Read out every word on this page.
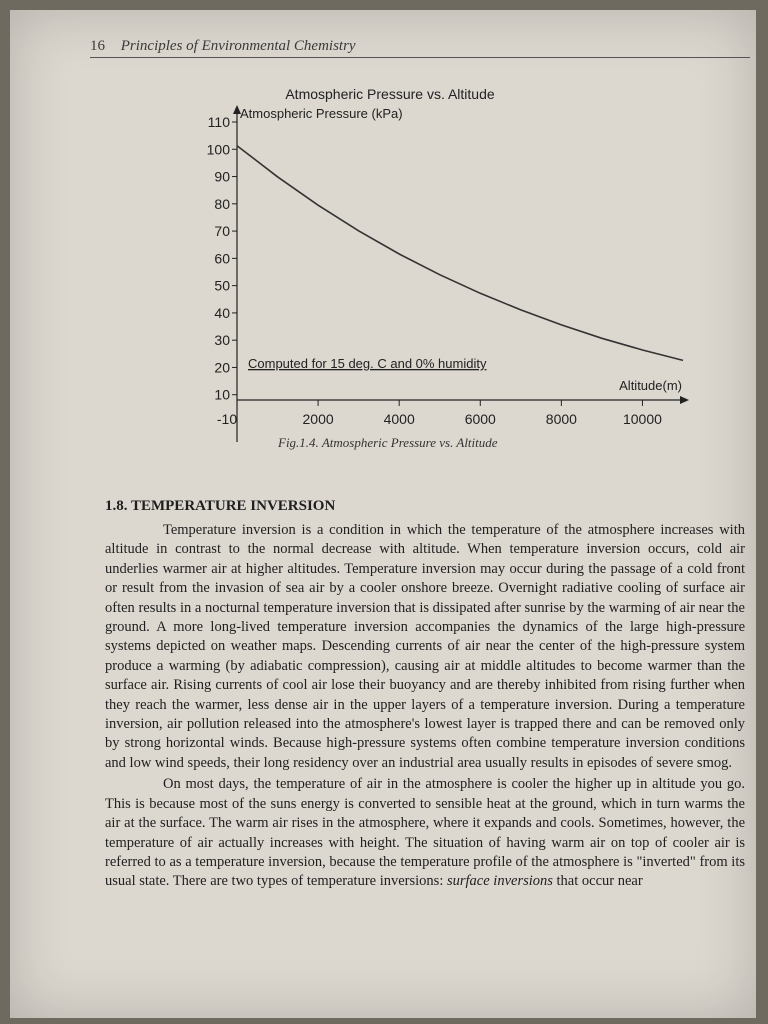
16 Principles of Environmental Chemistry
Atmospheric Pressure vs. Altitude
Atmospheric Pressure (kPa)
Altitude(m)
Computed for 15 deg. C and 0% humidity
110
100
90
80
70
60
50
40
30
20
10
-10	2000	4000	6000	8000	10000
Fig.1.4. Atmospheric Pressure vs. Altitude
1.8. TEMPERATURE INVERSION

Temperature inversion is a condition in which the temperature of the atmosphere increases with altitude in contrast to the normal decrease with altitude. When temperature inversion occurs, cold air underlies warmer air at higher altitudes. Temperature inversion may occur during the passage of a cold front or result from the invasion of sea air by a cooler onshore breeze. Overnight radiative cooling of surface air often results in a nocturnal temperature inversion that is dissipated after sunrise by the warming of air near the ground. A more long-lived temperature inversion accompanies the dynamics of the large high-pressure systems depicted on weather maps. Descending currents of air near the center of the high-pressure system produce a warming (by adiabatic compression), causing air at middle altitudes to become warmer than the surface air. Rising currents of cool air lose their buoyancy and are thereby inhibited from rising further when they reach the warmer, less dense air in the upper layers of a temperature inversion. During a temperature inversion, air pollution released into the atmosphere's lowest layer is trapped there and can be removed only by strong horizontal winds. Because high-pressure systems often combine temperature inversion conditions and low wind speeds, their long residency over an industrial area usually results in episodes of severe smog.

On most days, the temperature of air in the atmosphere is cooler the higher up in altitude you go. This is because most of the suns energy is converted to sensible heat at the ground, which in turn warms the air at the surface. The warm air rises in the atmosphere, where it expands and cools. Sometimes, however, the temperature of air actually increases with height. The situation of having warm air on top of cooler air is referred to as a temperature inversion, because the temperature profile of the atmosphere is "inverted" from its usual state. There are two types of temperature inversions: surface inversions that occur near
